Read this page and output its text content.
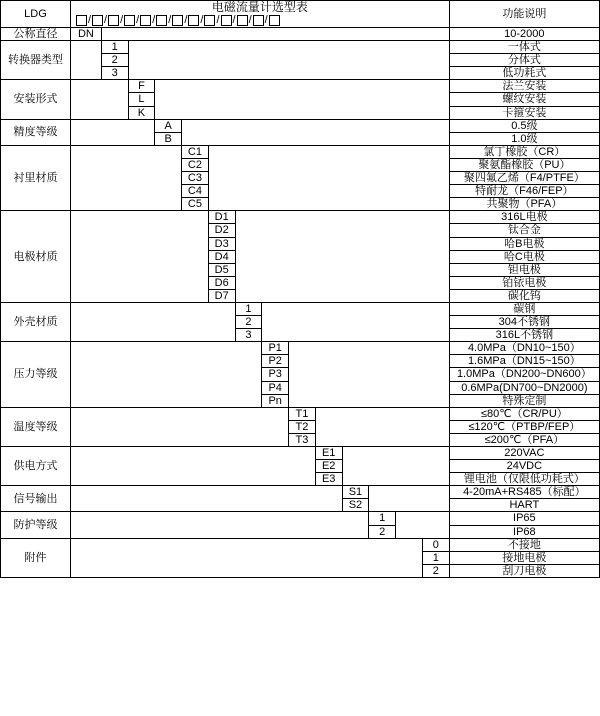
LDG	
电磁流量计选型表
/ / / / / / / / / / / /
	功能说明
公称直径	DN														10-2000
转换器类型		1													一体式
		2													分体式
		3													低功耗式
安装形式			F												法兰安装
			L												螺纹安装
			K												卡箍安装
精度等级				A											0.5级
				B											1.0级
衬里材质					C1										氯丁橡胶（CR）
					C2										聚氨酯橡胶（PU）
					C3										聚四氟乙烯（F4/PTFE）
					C4										特耐龙（F46/FEP）
					C5										共聚物（PFA）
电极材质						D1									316L电极
						D2									钛合金
						D3									哈B电极
						D4									哈C电极
						D5									钽电极
						D6									铂铱电极
						D7									碳化钨
外壳材质							1								碳钢
							2								304不锈钢
							3								316L不锈钢
压力等级								P1							4.0MPa（DN10~150）
								P2							1.6MPa（DN15~150）
								P3							1.0MPa（DN200~DN600）
								P4							0.6MPa(DN700~DN2000)
								Pn							特殊定制
温度等级									T1						≤80℃（CR/PU）
									T2						≤120℃（PTBP/FEP）
									T3						≤200℃（PFA）
供电方式										E1					220VAC
										E2					24VDC
										E3					锂电池（仅限低功耗式）
信号输出											S1				4-20mA+RS485（标配）
											S2				HART
防护等级												1			IP65
												2			IP68
附件														0	不接地
														1	接地电极
														2	刮刀电极
